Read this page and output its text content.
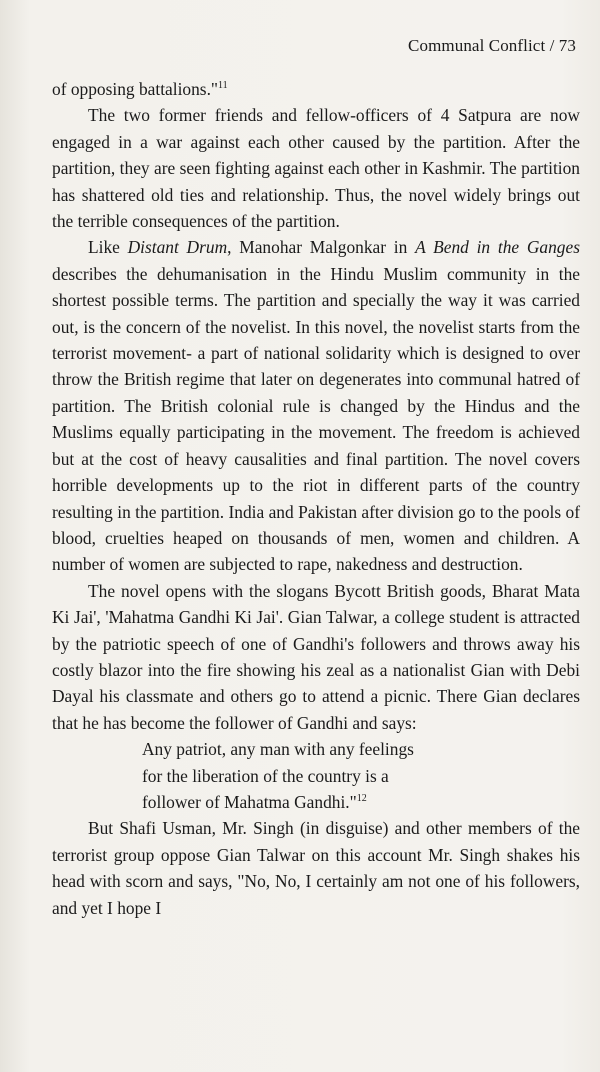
Communal Conflict / 73

of opposing battalions."$^{11}$

The two former friends and fellow-officers of 4 Satpura are now engaged in a war against each other caused by the partition. After the partition, they are seen fighting against each other in Kashmir. The partition has shattered old ties and relationship. Thus, the novel widely brings out the terrible consequences of the partition.

Like Distant Drum, Manohar Malgonkar in A Bend in the Ganges describes the dehumanisation in the Hindu Muslim community in the shortest possible terms. The partition and specially the way it was carried out, is the concern of the novelist. In this novel, the novelist starts from the terrorist movement- a part of national solidarity which is designed to over throw the British regime that later on degenerates into communal hatred of partition. The British colonial rule is changed by the Hindus and the Muslims equally participating in the movement. The freedom is achieved but at the cost of heavy causalities and final partition. The novel covers horrible developments up to the riot in different parts of the country resulting in the partition. India and Pakistan after division go to the pools of blood, cruelties heaped on thousands of men, women and children. A number of women are subjected to rape, nakedness and destruction.

The novel opens with the slogans Bycott British goods, Bharat Mata Ki Jai', 'Mahatma Gandhi Ki Jai'. Gian Talwar, a college student is attracted by the patriotic speech of one of Gandhi's followers and throws away his costly blazor into the fire showing his zeal as a nationalist Gian with Debi Dayal his classmate and others go to attend a picnic. There Gian declares that he has become the follower of Gandhi and says:

Any patriot, any man with any feelings
for the liberation of the country is a
follower of Mahatma Gandhi."$^{12}$

But Shafi Usman, Mr. Singh (in disguise) and other members of the terrorist group oppose Gian Talwar on this account Mr. Singh shakes his head with scorn and says, "No, No, I certainly am not one of his followers, and yet I hope I
